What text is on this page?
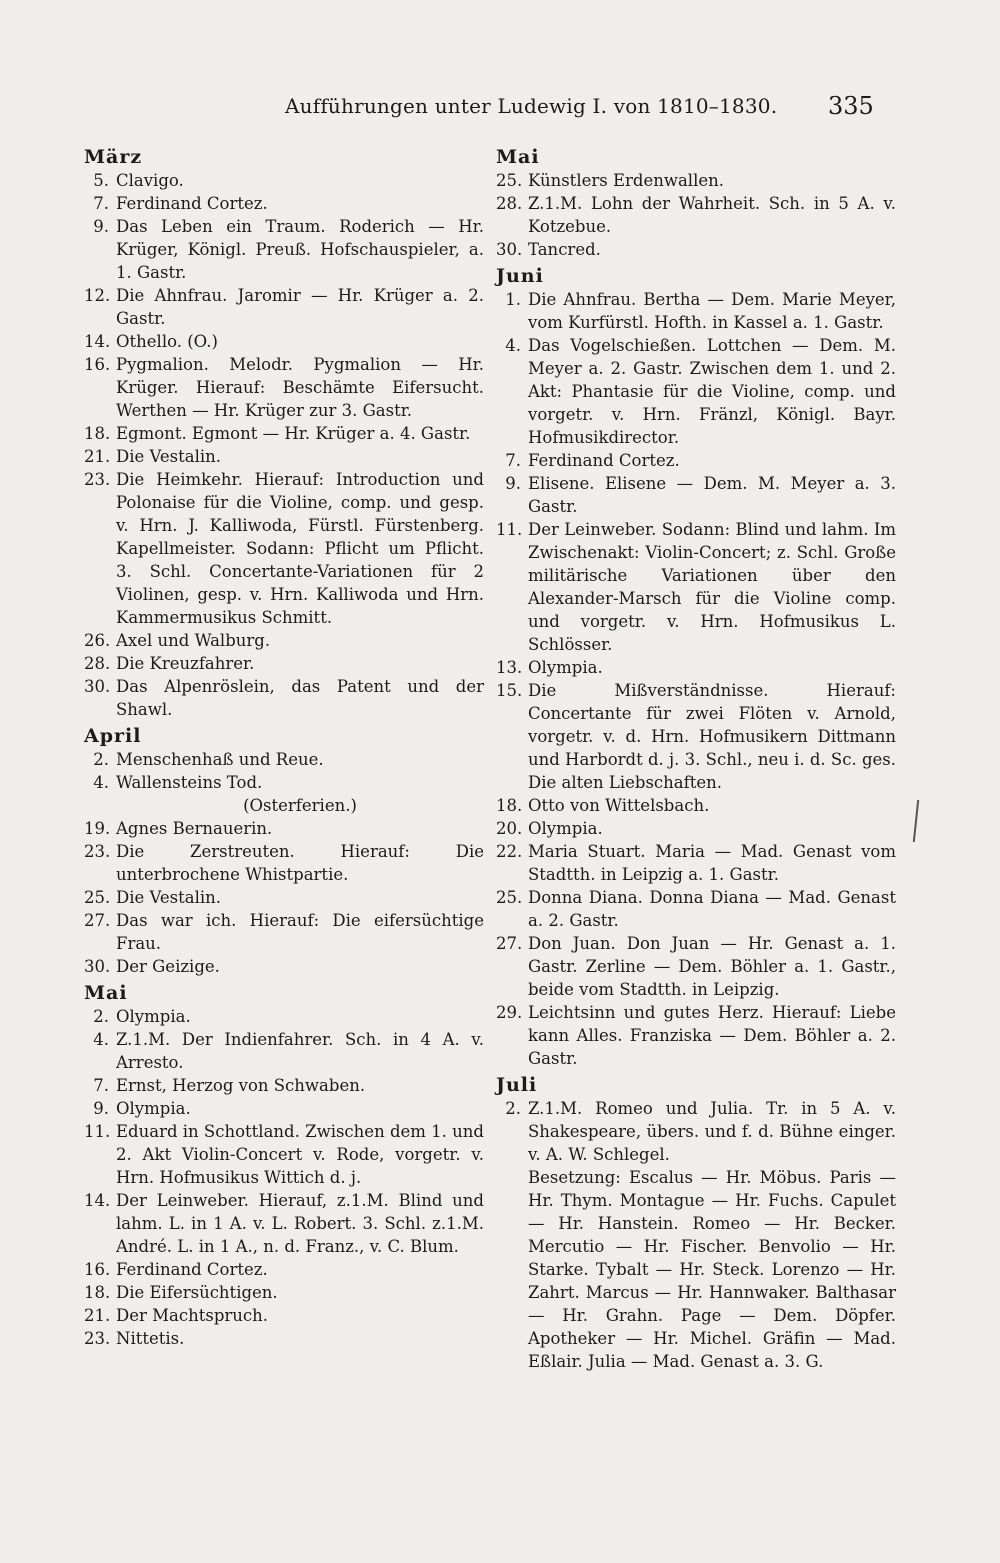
Aufführungen unter Ludewig I. von 1810–1830. 335
März
5 . Clavigo.
7 . Ferdinand Cortez.
9 . Das Leben ein Traum. Roderich — Hr. Krüger, Königl. Preuß. Hofschauspieler, a. 1. Gastr.
12 . Die Ahnfrau. Jaromir — Hr. Krüger a. 2. Gastr.
14 . Othello. (O.)
16 . Pygmalion. Melodr. Pygmalion — Hr. Krüger. Hierauf: Beschämte Eifersucht. Werthen — Hr. Krüger zur 3. Gastr.
18 . Egmont. Egmont — Hr. Krüger a. 4. Gastr.
21 . Die Vestalin.
23 . Die Heimkehr. Hierauf: Introduction und Polonaise für die Violine, comp. und gesp. v. Hrn. J. Kalliwoda, Fürstl. Fürstenberg. Kapellmeister. Sodann: Pflicht um Pflicht. 3. Schl. Concertante-Variationen für 2 Violinen, gesp. v. Hrn. Kalliwoda und Hrn. Kammermusikus Schmitt.
26 . Axel und Walburg.
28 . Die Kreuzfahrer.
30 . Das Alpenröslein, das Patent und der Shawl.
April
2 . Menschenhaß und Reue.
4 . Wallensteins Tod.
(Osterferien.)
19 . Agnes Bernauerin.
23 . Die Zerstreuten. Hierauf: Die unterbrochene Whistpartie.
25 . Die Vestalin.
27 . Das war ich. Hierauf: Die eifersüchtige Frau.
30 . Der Geizige.
Mai
2 . Olympia.
4 . Z.1.M. Der Indienfahrer. Sch. in 4 A. v. Arresto.
7 . Ernst, Herzog von Schwaben.
9 . Olympia.
11 . Eduard in Schottland. Zwischen dem 1. und 2. Akt Violin-Concert v. Rode, vorgetr. v. Hrn. Hofmusikus Wittich d. j.
14 . Der Leinweber. Hierauf, z.1.M. Blind und lahm. L. in 1 A. v. L. Robert. 3. Schl. z.1.M. André. L. in 1 A., n. d. Franz., v. C. Blum.
16 . Ferdinand Cortez.
18 . Die Eifersüchtigen.
21 . Der Machtspruch.
23 . Nittetis.
Mai
25 . Künstlers Erdenwallen.
28 . Z.1.M. Lohn der Wahrheit. Sch. in 5 A. v. Kotzebue.
30 . Tancred.
Juni
1 . Die Ahnfrau. Bertha — Dem. Marie Meyer, vom Kurfürstl. Hofth. in Kassel a. 1. Gastr.
4 . Das Vogelschießen. Lottchen — Dem. M. Meyer a. 2. Gastr. Zwischen dem 1. und 2. Akt: Phantasie für die Violine, comp. und vorgetr. v. Hrn. Fränzl, Königl. Bayr. Hofmusikdirector.
7 . Ferdinand Cortez.
9 . Elisene. Elisene — Dem. M. Meyer a. 3. Gastr.
11 . Der Leinweber. Sodann: Blind und lahm. Im Zwischenakt: Violin-Concert; z. Schl. Große militärische Variationen über den Alexander-Marsch für die Violine comp. und vorgetr. v. Hrn. Hofmusikus L. Schlösser.
13 . Olympia.
15 . Die Mißverständnisse. Hierauf: Concertante für zwei Flöten v. Arnold, vorgetr. v. d. Hrn. Hofmusikern Dittmann und Harbordt d. j. 3. Schl., neu i. d. Sc. ges. Die alten Liebschaften.
18 . Otto von Wittelsbach.
20 . Olympia.
22 . Maria Stuart. Maria — Mad. Genast vom Stadtth. in Leipzig a. 1. Gastr.
25 . Donna Diana. Donna Diana — Mad. Genast a. 2. Gastr.
27 . Don Juan. Don Juan — Hr. Genast a. 1. Gastr. Zerline — Dem. Böhler a. 1. Gastr., beide vom Stadtth. in Leipzig.
29 . Leichtsinn und gutes Herz. Hierauf: Liebe kann Alles. Franziska — Dem. Böhler a. 2. Gastr.
Juli
2 . Z.1.M. Romeo und Julia. Tr. in 5 A. v. Shakespeare, übers. und f. d. Bühne einger. v. A. W. Schlegel.
Besetzung: Escalus — Hr. Möbus. Paris — Hr. Thym. Montague — Hr. Fuchs. Capulet — Hr. Hanstein. Romeo — Hr. Becker. Mercutio — Hr. Fischer. Benvolio — Hr. Starke. Tybalt — Hr. Steck. Lorenzo — Hr. Zahrt. Marcus — Hr. Hannwaker. Balthasar — Hr. Grahn. Page — Dem. Döpfer. Apotheker — Hr. Michel. Gräfin — Mad. Eßlair. Julia — Mad. Genast a. 3. G.
